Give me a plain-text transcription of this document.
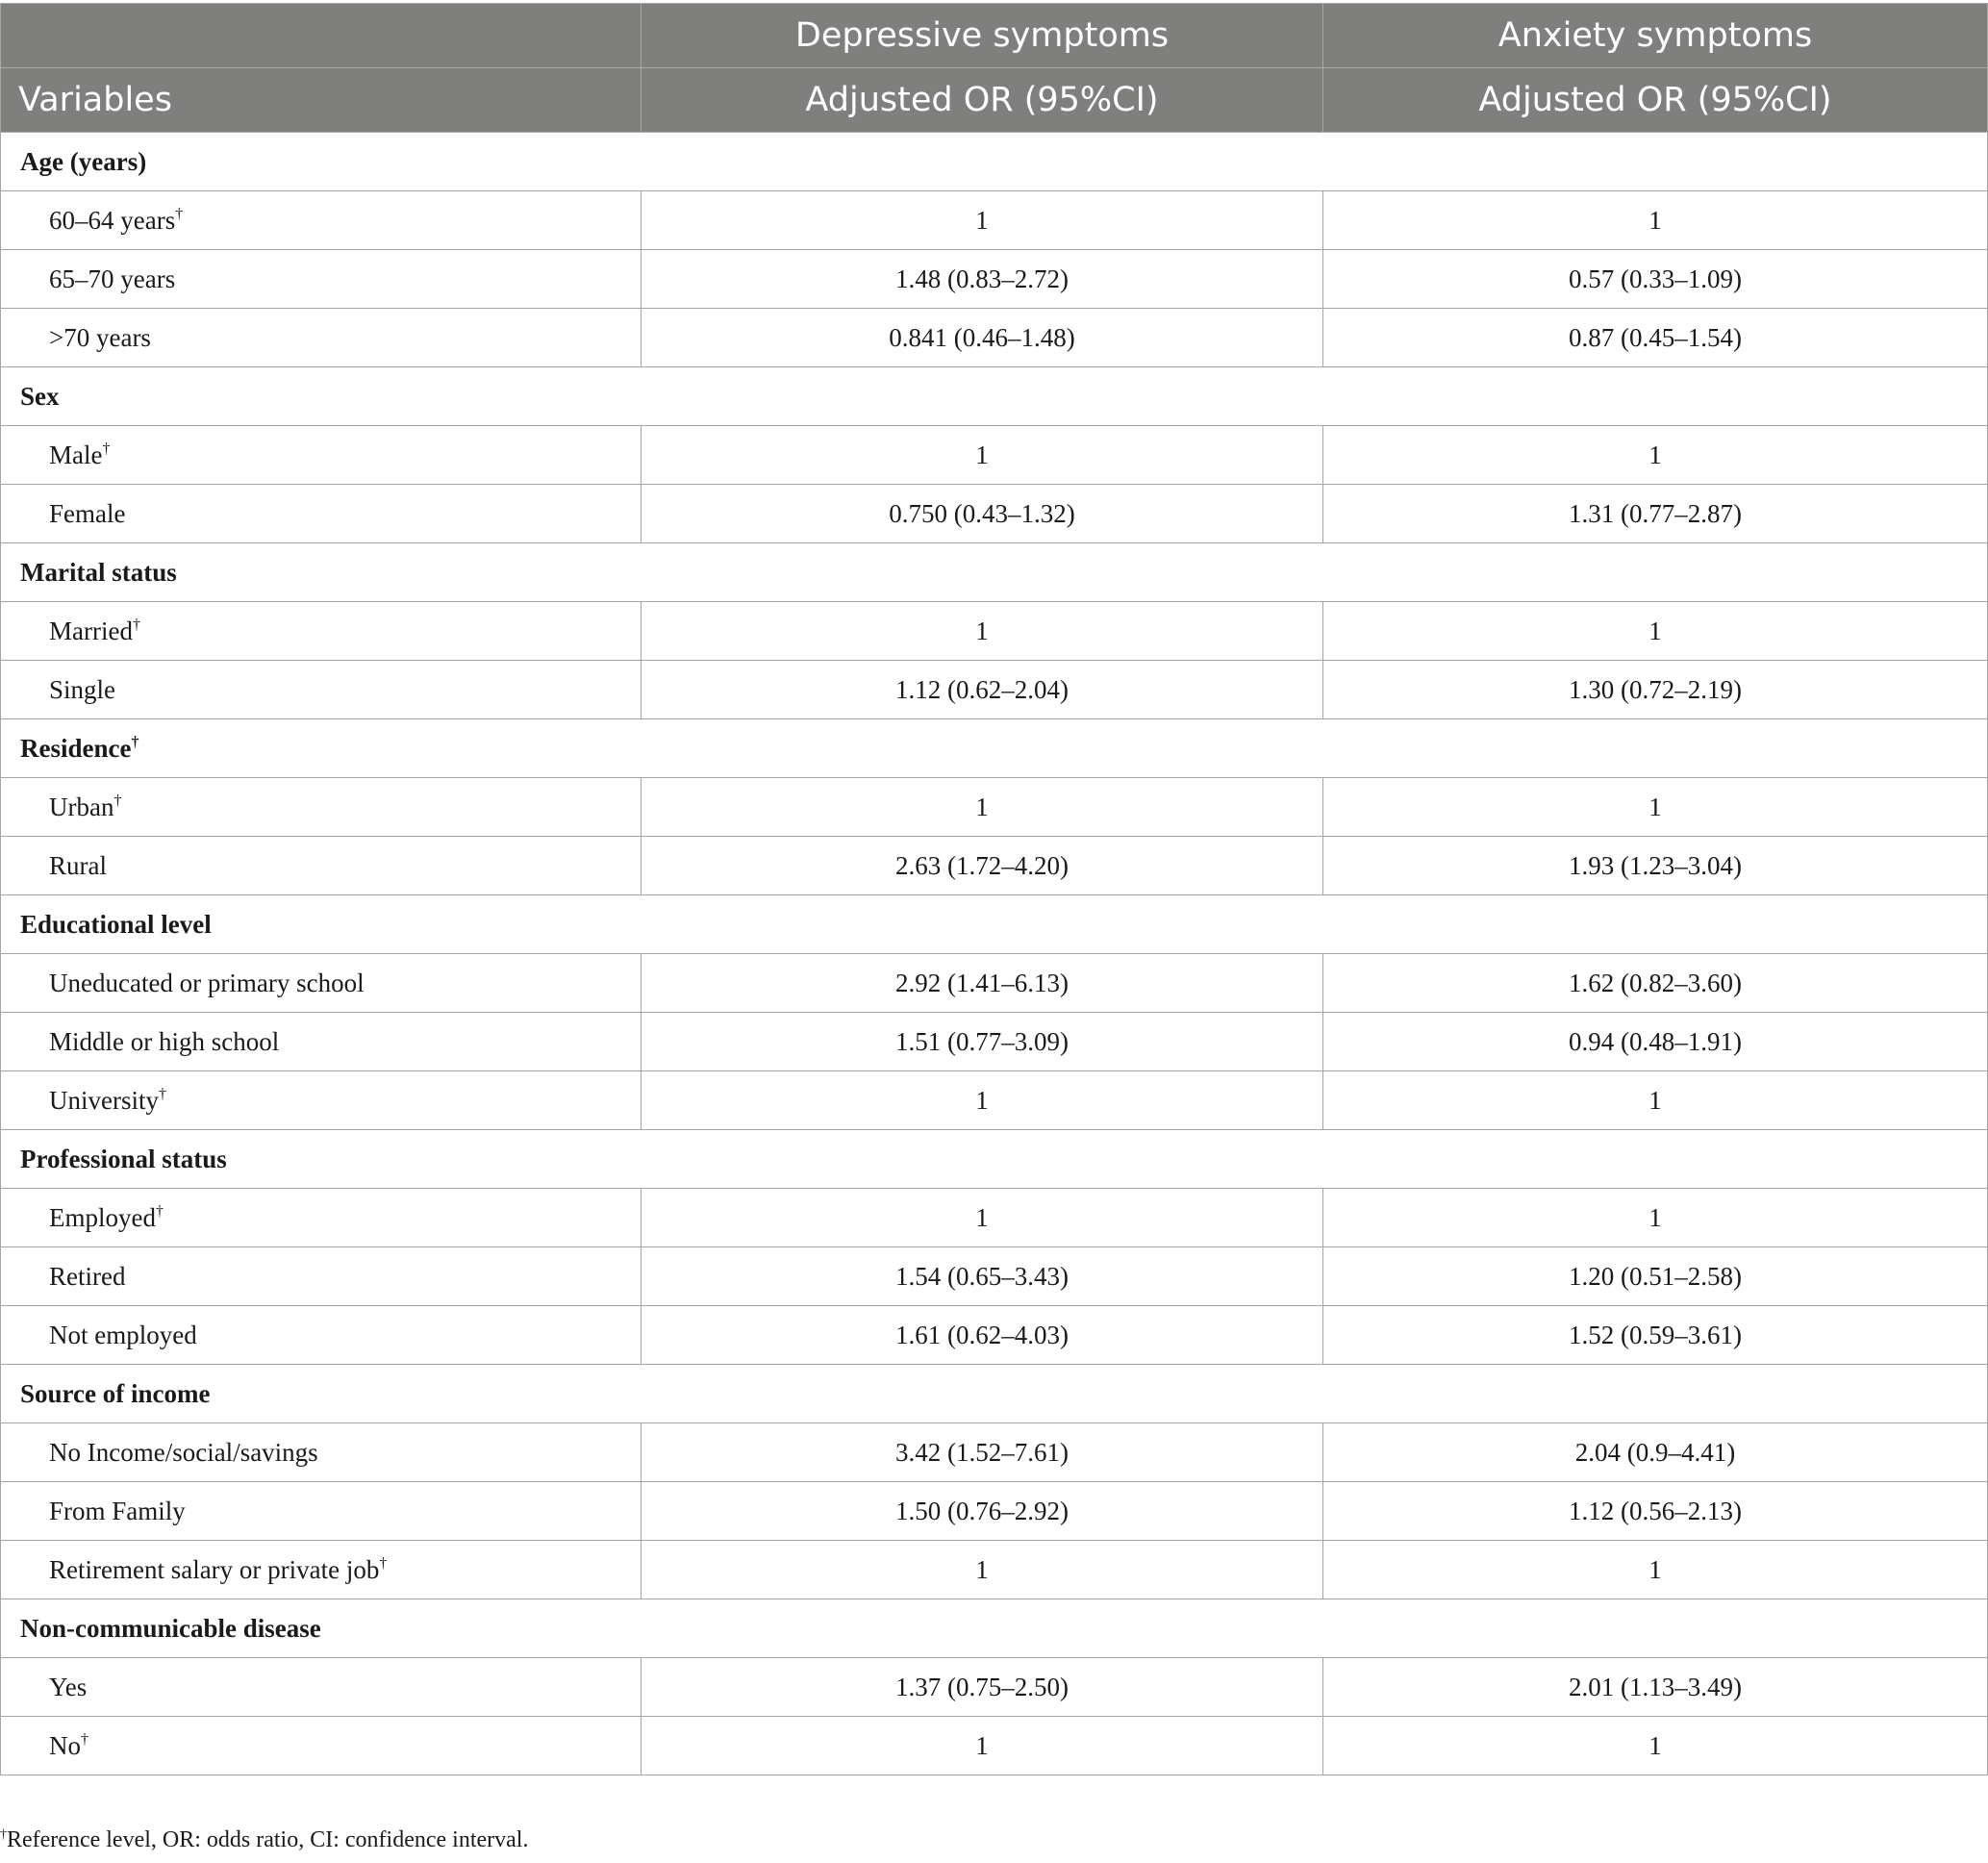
	Depressive symptoms	Anxiety symptoms
Variables	Adjusted OR (95%CI)	Adjusted OR (95%CI)
Age (years)		
60–64 years†	1	1
65–70 years	1.48 (0.83–2.72)	0.57 (0.33–1.09)
>70 years	0.841 (0.46–1.48)	0.87 (0.45–1.54)
Sex		
Male†	1	1
Female	0.750 (0.43–1.32)	1.31 (0.77–2.87)
Marital status		
Married†	1	1
Single	1.12 (0.62–2.04)	1.30 (0.72–2.19)
Residence†
Urban†	1	1
Rural	2.63 (1.72–4.20)	1.93 (1.23–3.04)
Educational level		
Uneducated or primary school	2.92 (1.41–6.13)	1.62 (0.82–3.60)
Middle or high school	1.51 (0.77–3.09)	0.94 (0.48–1.91)
University†	1	1
Professional status		
Employed†	1	1
Retired	1.54 (0.65–3.43)	1.20 (0.51–2.58)
Not employed	1.61 (0.62–4.03)	1.52 (0.59–3.61)
Source of income		
No Income/social/savings	3.42 (1.52–7.61)	2.04 (0.9–4.41)
From Family	1.50 (0.76–2.92)	1.12 (0.56–2.13)
Retirement salary or private job†	1	1
Non-communicable disease		
Yes	1.37 (0.75–2.50)	2.01 (1.13–3.49)
No†	1	1
†Reference level, OR: odds ratio, CI: confidence interval.
